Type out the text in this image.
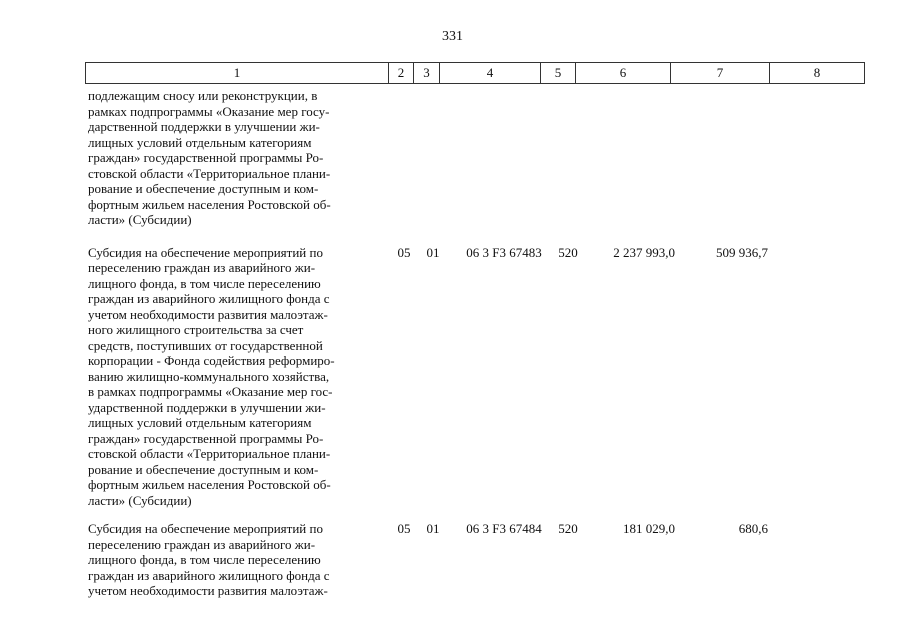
331
1	2	3	4	5	6	7	8
подлежащим сносу или реконструкции, в
рамках подпрограммы «Оказание мер госу-
дарственной поддержки в улучшении жи-
лищных условий отдельным категориям
граждан» государственной программы Ро-
стовской области «Территориальное плани-
рование и обеспечение доступным и ком-
фортным жильем населения Ростовской об-
ласти» (Субсидии)
Субсидия на обеспечение мероприятий по
переселению граждан из аварийного жи-
лищного фонда, в том числе переселению
граждан из аварийного жилищного фонда с
учетом необходимости развития малоэтаж-
ного жилищного строительства за счет
средств, поступивших от государственной
корпорации - Фонда содействия реформиро-
ванию жилищно-коммунального хозяйства,
в рамках подпрограммы «Оказание мер гос-
ударственной поддержки в улучшении жи-
лищных условий отдельным категориям
граждан» государственной программы Ро-
стовской области «Территориальное плани-
рование и обеспечение доступным и ком-
фортным жильем населения Ростовской об-
ласти» (Субсидии)
05 01	06 3 F3 67483	520	2 237 993,0	509 936,7
Субсидия на обеспечение мероприятий по
переселению граждан из аварийного жи-
лищного фонда, в том числе переселению
граждан из аварийного жилищного фонда с
учетом необходимости развития малоэтаж-
05 01	06 3 F3 67484	520	181 029,0	680,6
